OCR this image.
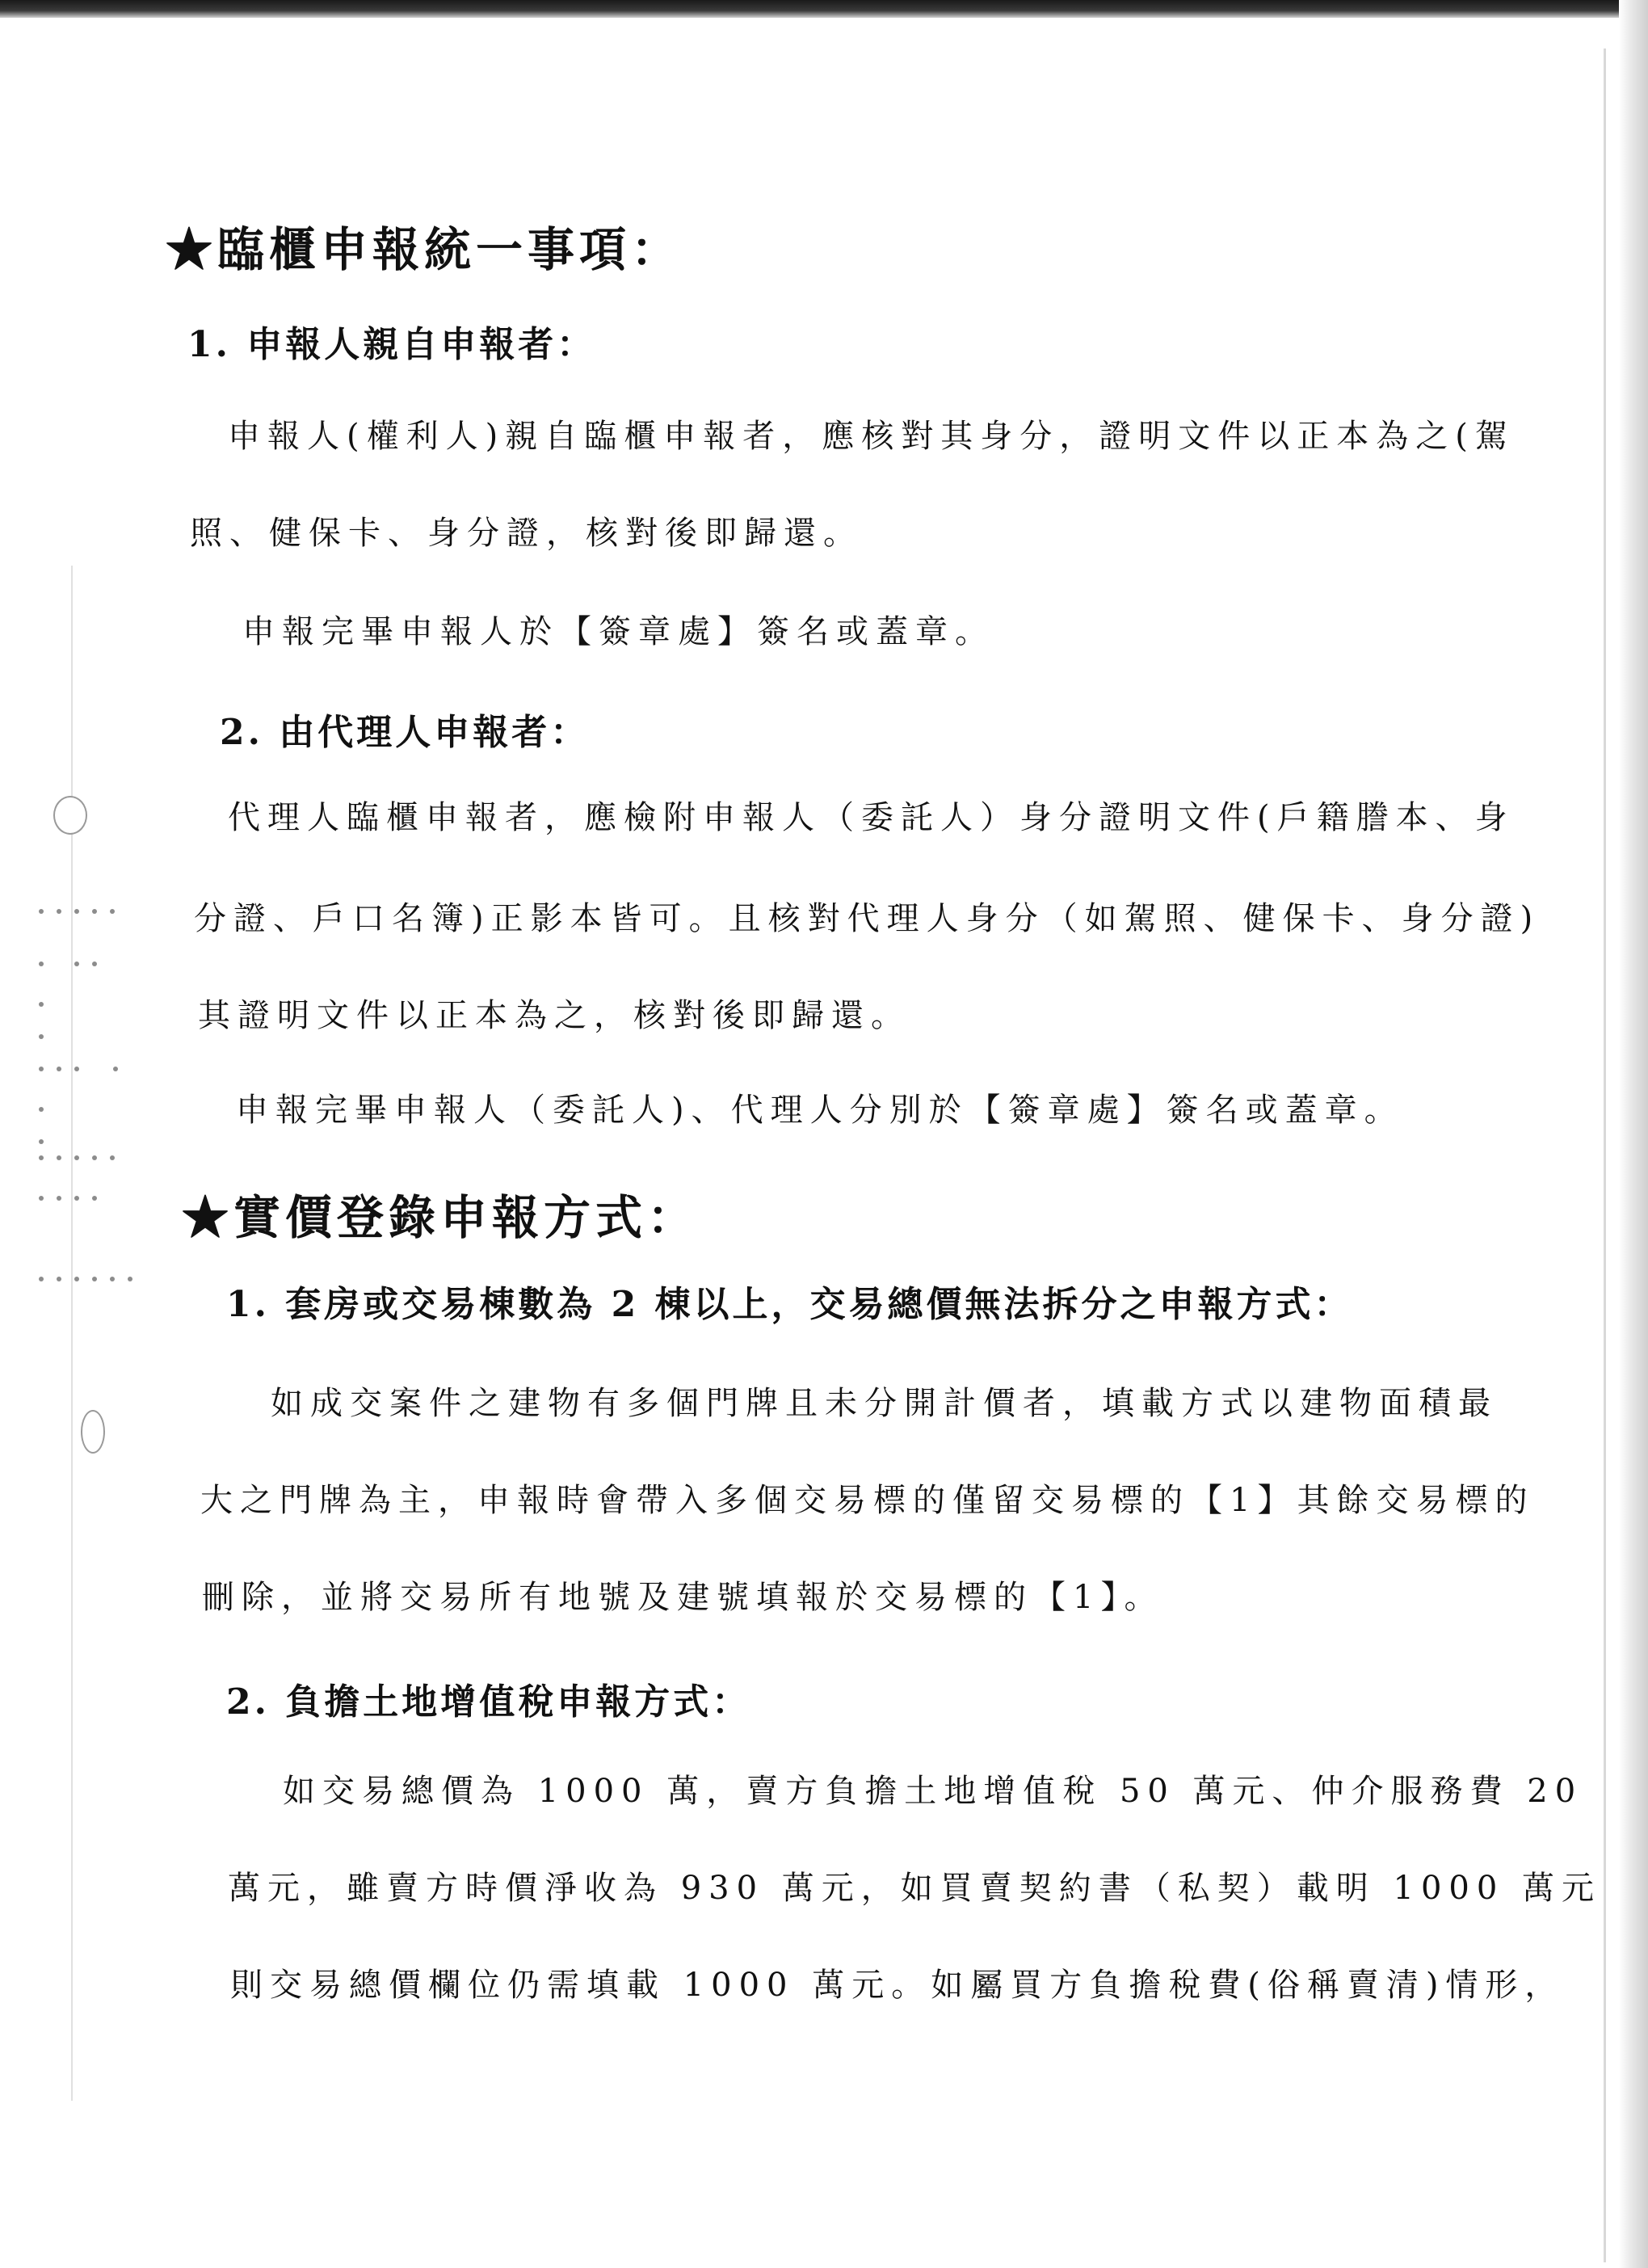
★臨櫃申報統一事項：
1. 申報人親自申報者：
申報人(權利人)親自臨櫃申報者，應核對其身分，證明文件以正本為之(駕
照、健保卡、身分證，核對後即歸還。
申報完畢申報人於【簽章處】簽名或蓋章。
2. 由代理人申報者：
代理人臨櫃申報者，應檢附申報人（委託人）身分證明文件(戶籍謄本、身
分證、戶口名簿)正影本皆可。且核對代理人身分（如駕照、健保卡、身分證)
其證明文件以正本為之，核對後即歸還。
申報完畢申報人（委託人)、代理人分別於【簽章處】簽名或蓋章。
★實價登錄申報方式：
1. 套房或交易棟數為 2 棟以上，交易總價無法拆分之申報方式：
如成交案件之建物有多個門牌且未分開計價者，填載方式以建物面積最
大之門牌為主，申報時會帶入多個交易標的僅留交易標的【1】其餘交易標的
刪除，並將交易所有地號及建號填報於交易標的【1】。
2. 負擔土地增值稅申報方式：
如交易總價為 1000 萬，賣方負擔土地增值稅 50 萬元、仲介服務費 20
萬元，雖賣方時價淨收為 930 萬元，如買賣契約書（私契）載明 1000 萬元
則交易總價欄位仍需填載 1000 萬元。如屬買方負擔稅費(俗稱賣清)情形，
